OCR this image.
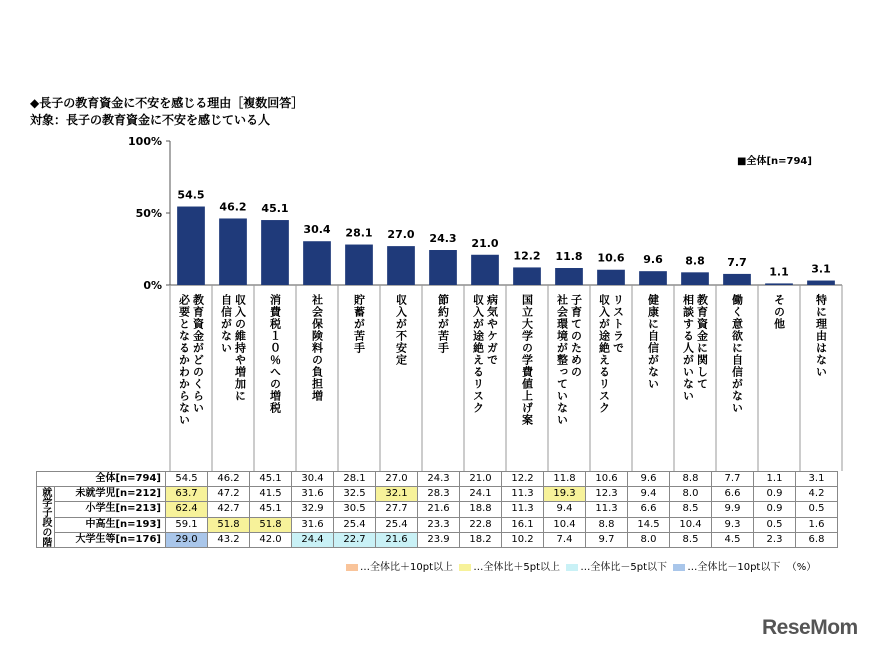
◆長子の教育資金に不安を感じる理由［複数回答］
対象：長子の教育資金に不安を感じている人
100%
50%
0%
54.5
46.2 45.1
30.4 28.1 27.0 24.3 21.0
12.2 11.8 10.6 9.6 8.8 7.7
1.1 3.1
■全体[n=794]
教育資金がどのくらい
必要となるかわからない	収入の維持や増加に
自信がない	消費税１０％への増税	社会保険料の負担増	貯蓄が苦手	収入が不安定	節約が苦手	病気やケガで
収入が途絶えるリスク	国立大学の学費値上げ案	子育てのための
社会環境が整っていない	リストラで
収入が途絶えるリスク	健康に自信がない	教育資金に関して
相談する人がいない	働く意欲に自信がない	その他	特に理由はない
全体[n=794]		54.5	46.2	45.1	30.4	28.1	27.0	24.3	21.0	12.2	11.8	10.6	9.6	8.8	7.7	1.1	3.1

就学子段の階	未就学児[n=212]	63.7	47.2	41.5	31.6	32.5	32.1	28.3	24.1	11.3	19.3	12.3	9.4	8.0	6.6	0.9	4.2
	小学生[n=213]	62.4	42.7	45.1	32.9	30.5	27.7	21.6	18.8	11.3	9.4	11.3	6.6	8.5	9.9	0.9	0.5
	中高生[n=193]	59.1	51.8	51.8	31.6	25.4	25.4	23.3	22.8	16.1	10.4	8.8	14.5	10.4	9.3	0.5	1.6
	大学生等[n=176]	29.0	43.2	42.0	24.4	22.7	21.6	23.9	18.2	10.2	7.4	9.7	8.0	8.5	4.5	2.3	6.8
…全体比＋10pt以上 …全体比＋5pt以上 …全体比－5pt以下 …全体比－10pt以下 （%）
ReseMom
